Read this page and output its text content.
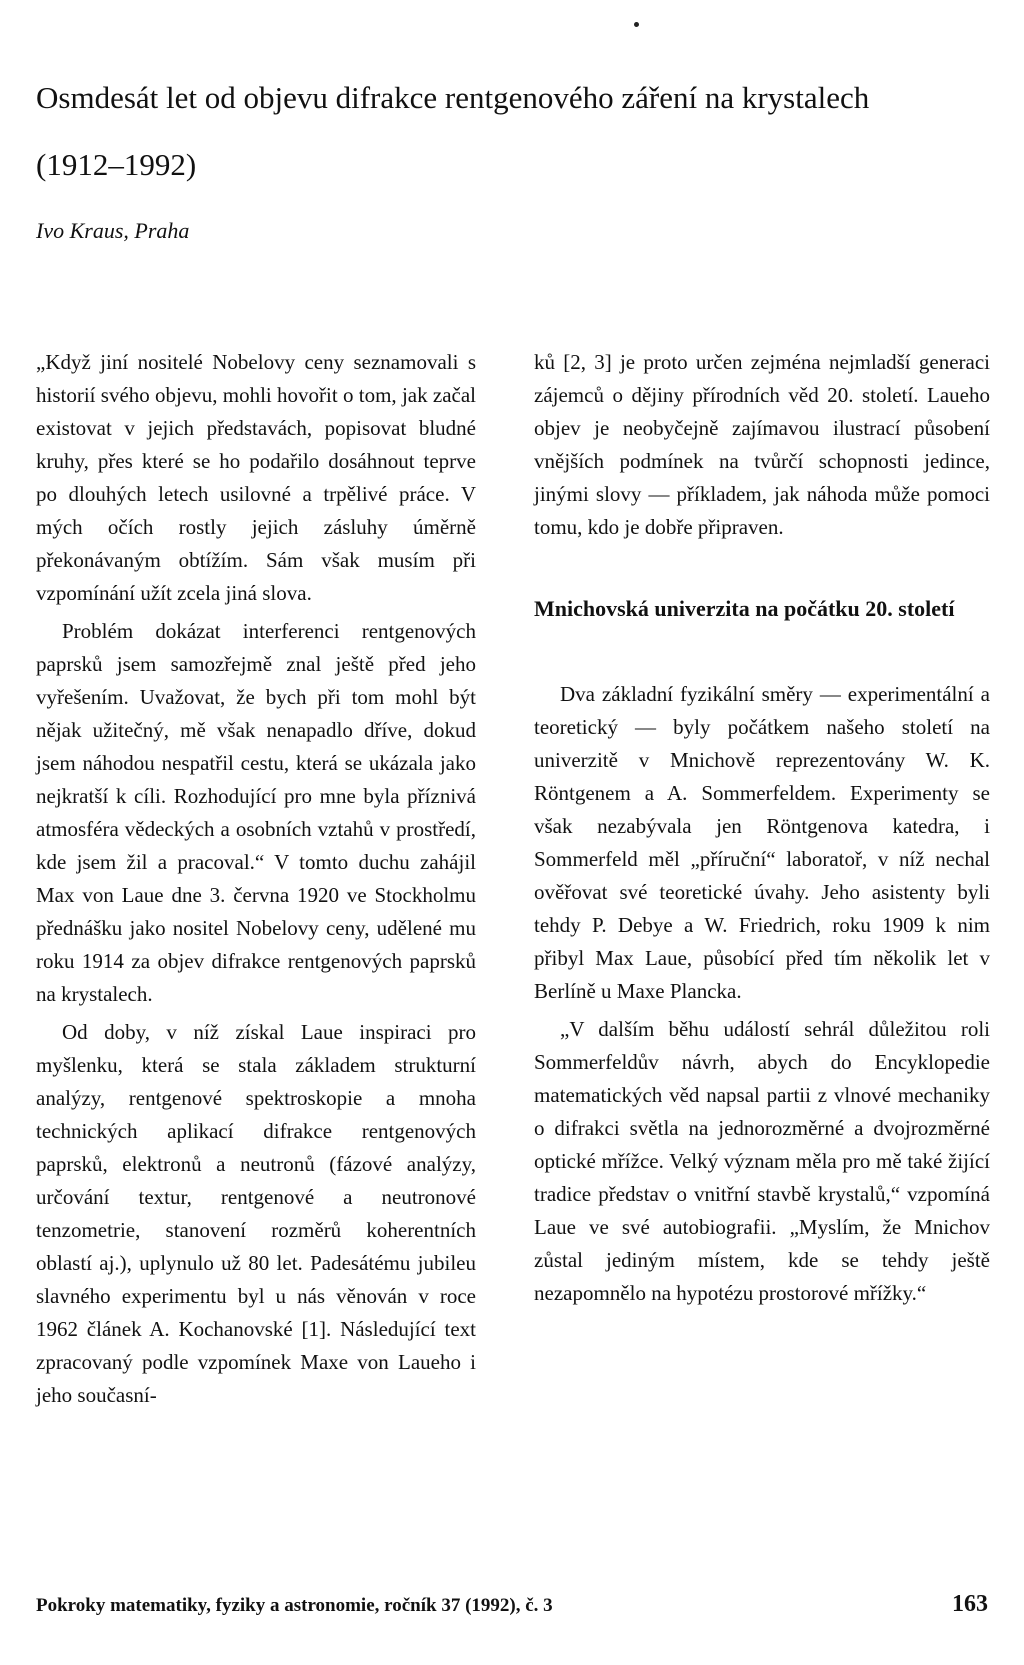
Osmdesát let od objevu difrakce rentgenového záření na krystalech
(1912–1992)

Ivo Kraus, Praha

„Když jiní nositelé Nobelovy ceny seznamovali s historií svého objevu, mohli hovořit o tom, jak začal existovat v jejich představách, popisovat bludné kruhy, přes které se ho podařilo dosáhnout teprve po dlouhých letech usilovné a trpělivé práce. V mých očích rostly jejich zásluhy úměrně překonávaným obtížím. Sám však musím při vzpomínání užít zcela jiná slova.

Problém dokázat interferenci rentgenových paprsků jsem samozřejmě znal ještě před jeho vyřešením. Uvažovat, že bych při tom mohl být nějak užitečný, mě však nenapadlo dříve, dokud jsem náhodou nespatřil cestu, která se ukázala jako nejkratší k cíli. Rozhodující pro mne byla příznivá atmosféra vědeckých a osobních vztahů v prostředí, kde jsem žil a pracoval.“ V tomto duchu zahájil Max von Laue dne 3. června 1920 ve Stockholmu přednášku jako nositel Nobelovy ceny, udělené mu roku 1914 za objev difrakce rentgenových paprsků na krystalech.

Od doby, v níž získal Laue inspiraci pro myšlenku, která se stala základem strukturní analýzy, rentgenové spektroskopie a mnoha technických aplikací difrakce rentgenových paprsků, elektronů a neutronů (fázové analýzy, určování textur, rentgenové a neutronové tenzometrie, stanovení rozměrů koherentních oblastí aj.), uplynulo už 80 let. Padesátému jubileu slavného experimentu byl u nás věnován v roce 1962 článek A. Kochanovské [1]. Následující text zpracovaný podle vzpomínek Maxe von Laueho i jeho současní-

ků [2, 3] je proto určen zejména nejmladší generaci zájemců o dějiny přírodních věd 20. století. Laueho objev je neobyčejně zajímavou ilustrací působení vnějších podmínek na tvůrčí schopnosti jedince, jinými slovy — příkladem, jak náhoda může pomoci tomu, kdo je dobře připraven.

Mnichovská univerzita na počátku 20. století

Dva základní fyzikální směry — experimentální a teoretický — byly počátkem našeho století na univerzitě v Mnichově reprezentovány W. K. Röntgenem a A. Sommerfeldem. Experimenty se však nezabývala jen Röntgenova katedra, i Sommerfeld měl „příruční“ laboratoř, v níž nechal ověřovat své teoretické úvahy. Jeho asistenty byli tehdy P. Debye a W. Friedrich, roku 1909 k nim přibyl Max Laue, působící před tím několik let v Berlíně u Maxe Plancka.

„V dalším běhu událostí sehrál důležitou roli Sommerfeldův návrh, abych do Encyklopedie matematických věd napsal partii z vlnové mechaniky o difrakci světla na jednorozměrné a dvojrozměrné optické mřížce. Velký význam měla pro mě také žijící tradice představ o vnitřní stavbě krystalů,“ vzpomíná Laue ve své autobiografii. „Myslím, že Mnichov zůstal jediným místem, kde se tehdy ještě nezapomnělo na hypotézu prostorové mřížky.“

Pokroky matematiky, fyziky a astronomie, ročník 37 (1992), č. 3	163
